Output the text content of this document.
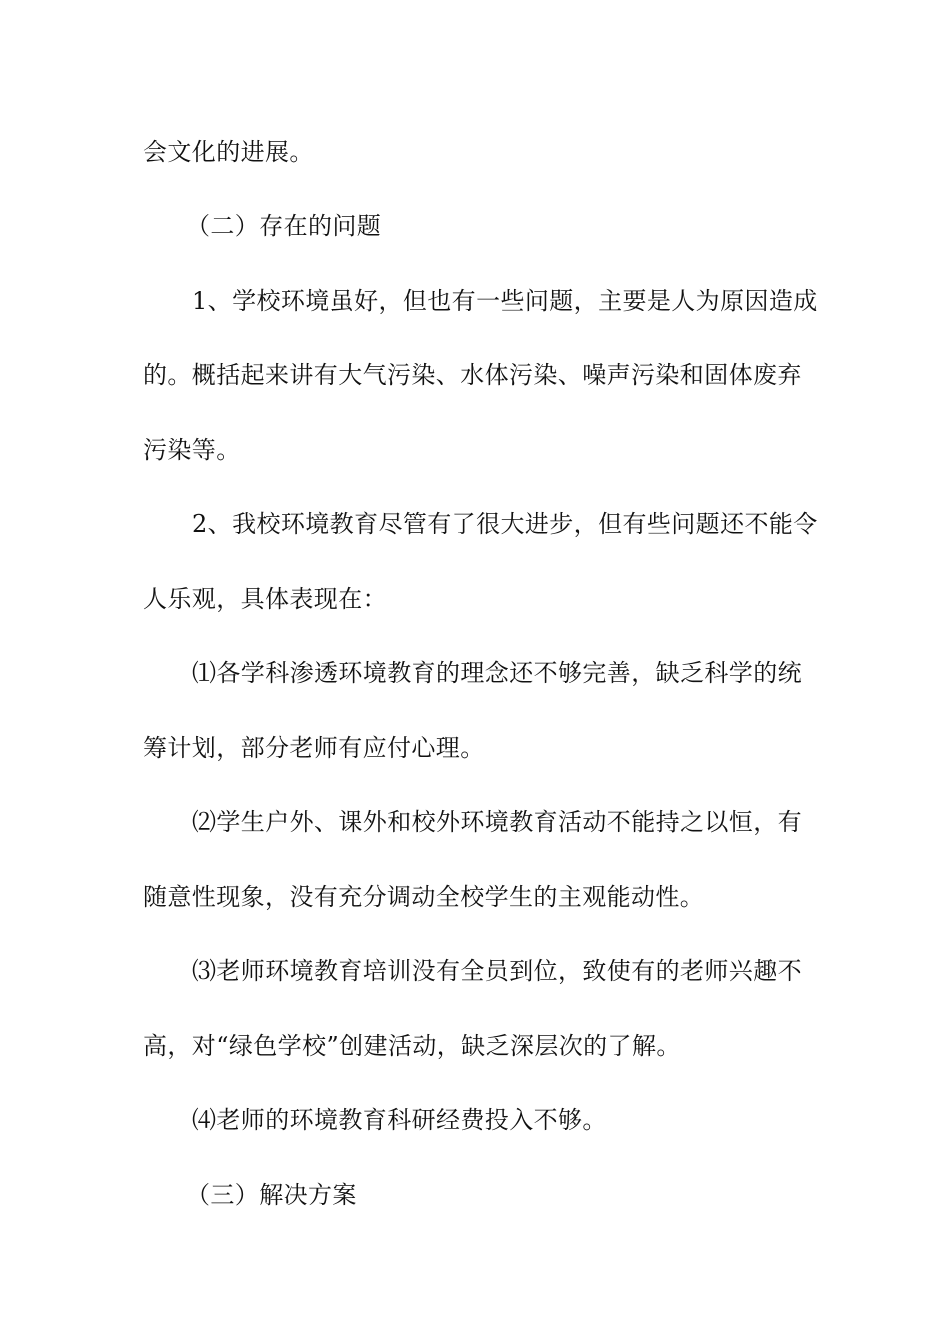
会文化的进展。
（二）存在的问题
1、学校环境虽好，但也有一些问题，主要是人为原因造成
的。概括起来讲有大气污染、水体污染、噪声污染和固体废弃
污染等。
2、我校环境教育尽管有了很大进步，但有些问题还不能令
人乐观，具体表现在：
⑴各学科渗透环境教育的理念还不够完善，缺乏科学的统
筹计划，部分老师有应付心理。
⑵学生户外、课外和校外环境教育活动不能持之以恒，有
随意性现象，没有充分调动全校学生的主观能动性。
⑶老师环境教育培训没有全员到位，致使有的老师兴趣不
高，对“绿色学校”创建活动，缺乏深层次的了解。
⑷老师的环境教育科研经费投入不够。
（三）解决方案
